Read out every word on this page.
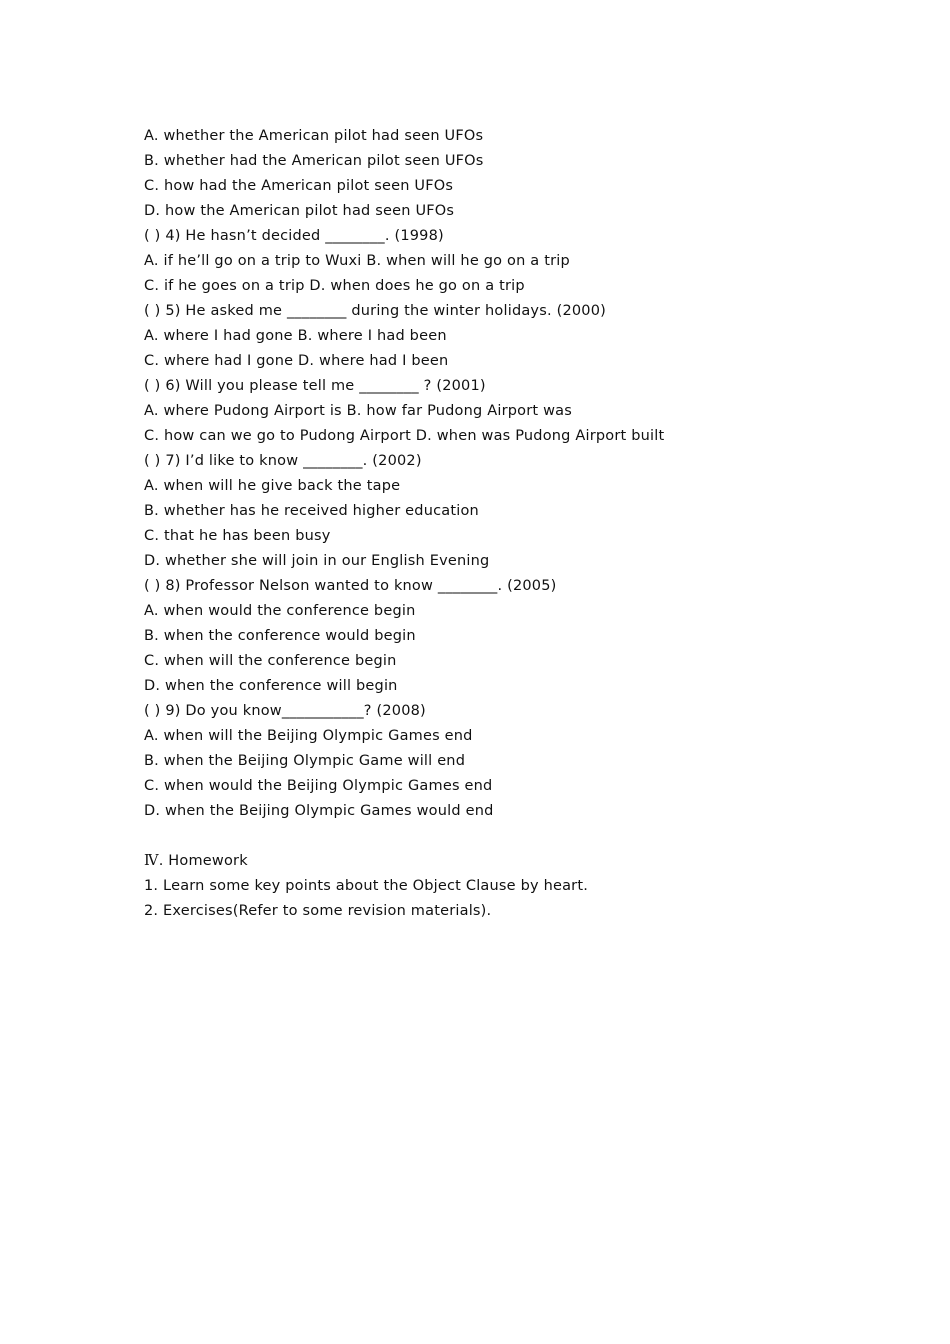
A. whether the American pilot had seen UFOs
B. whether had the American pilot seen UFOs
C. how had the American pilot seen UFOs
D. how the American pilot had seen UFOs
( ) 4) He hasn’t decided ________. (1998)
A. if he’ll go on a trip to Wuxi B. when will he go on a trip
C. if he goes on a trip D. when does he go on a trip
( ) 5) He asked me ________ during the winter holidays. (2000)
A. where I had gone B. where I had been
C. where had I gone D. where had I been
( ) 6) Will you please tell me ________ ? (2001)
A. where Pudong Airport is B. how far Pudong Airport was
C. how can we go to Pudong Airport D. when was Pudong Airport built
( ) 7) I’d like to know ________. (2002)
A. when will he give back the tape
B. whether has he received higher education
C. that he has been busy
D. whether she will join in our English Evening
( ) 8) Professor Nelson wanted to know ________. (2005)
A. when would the conference begin
B. when the conference would begin
C. when will the conference begin
D. when the conference will begin
( ) 9) Do you know___________? (2008)
A. when will the Beijing Olympic Games end
B. when the Beijing Olympic Game will end
C. when would the Beijing Olympic Games end
D. when the Beijing Olympic Games would end
Ⅳ. Homework
1. Learn some key points about the Object Clause by heart.
2. Exercises(Refer to some revision materials).
